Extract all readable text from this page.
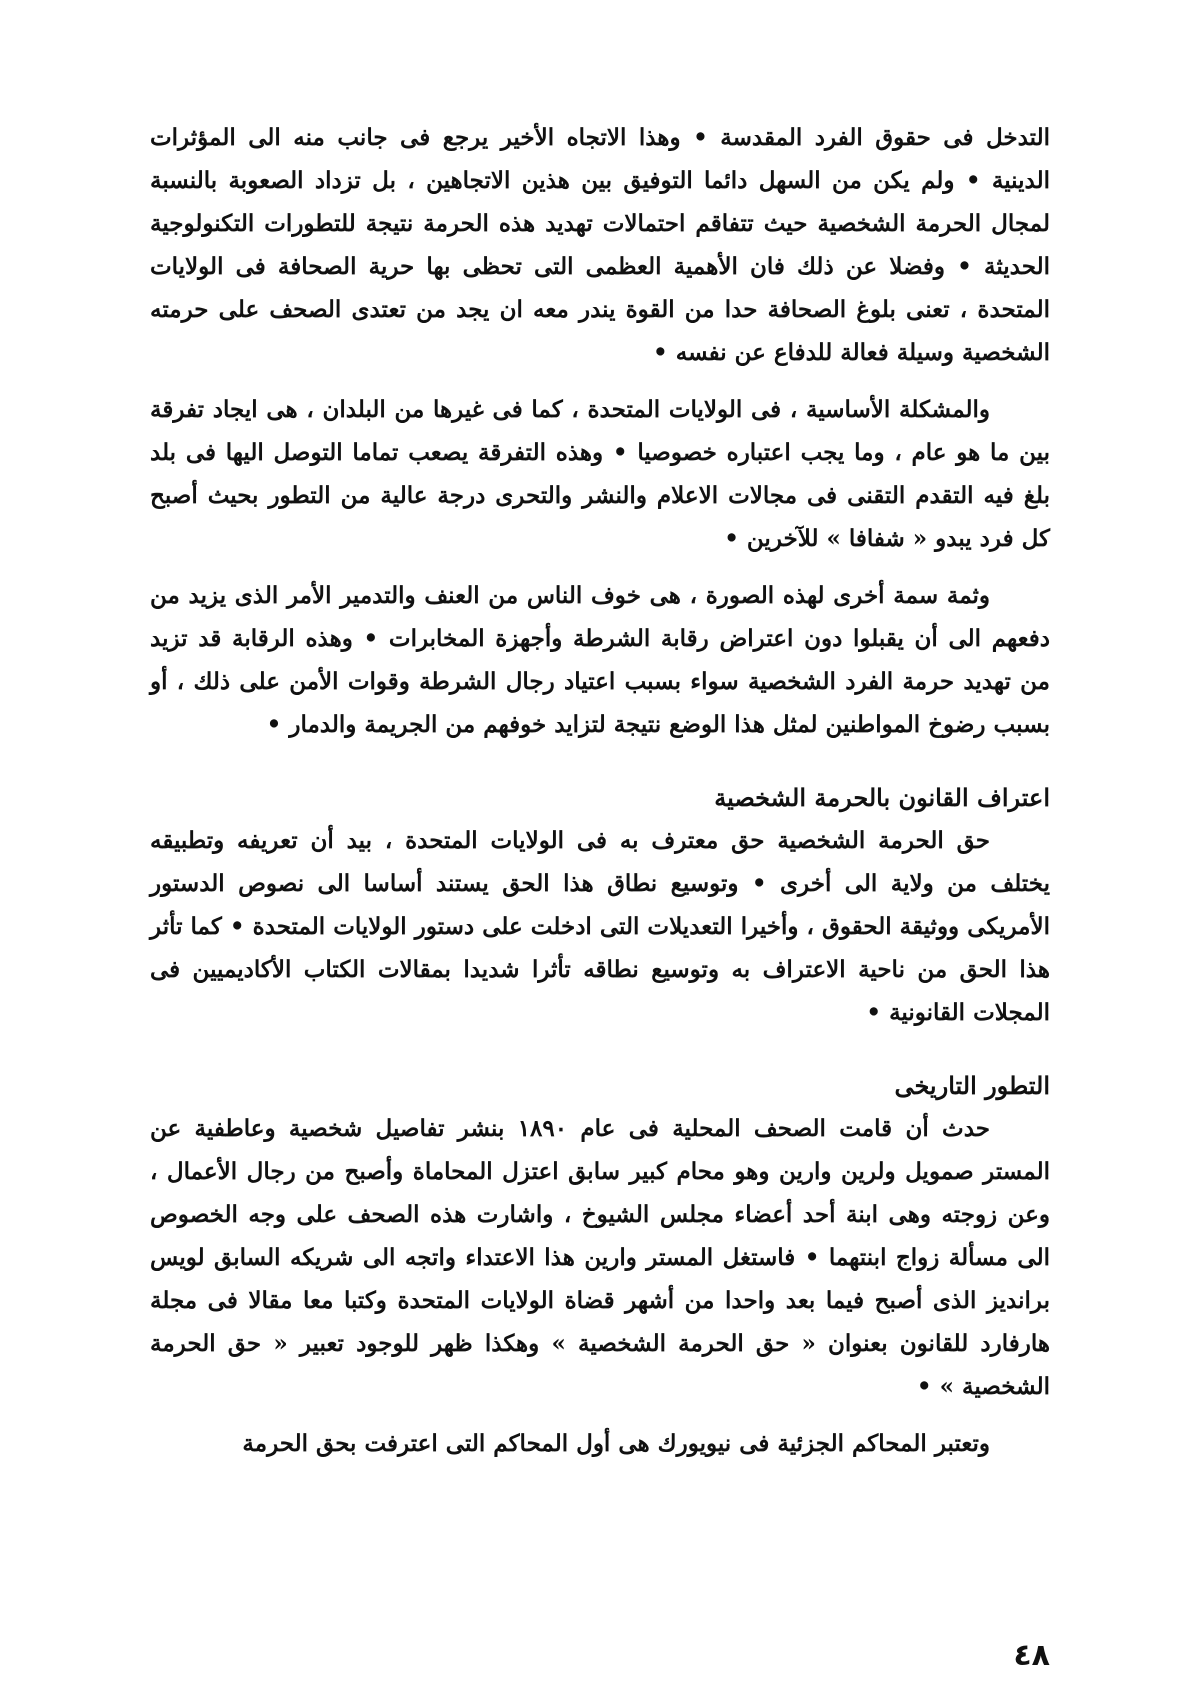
التدخل فى حقوق الفرد المقدسة • وهذا الاتجاه الأخير يرجع فى جانب منه الى المؤثرات الدينية • ولم يكن من السهل دائما التوفيق بين هذين الاتجاهين ، بل تزداد الصعوبة بالنسبة لمجال الحرمة الشخصية حيث تتفاقم احتمالات تهديد هذه الحرمة نتيجة للتطورات التكنولوجية الحديثة • وفضلا عن ذلك فان الأهمية العظمى التى تحظى بها حرية الصحافة فى الولايات المتحدة ، تعنى بلوغ الصحافة حدا من القوة يندر معه ان يجد من تعتدى الصحف على حرمته الشخصية وسيلة فعالة للدفاع عن نفسه •

والمشكلة الأساسية ، فى الولايات المتحدة ، كما فى غيرها من البلدان ، هى ايجاد تفرقة بين ما هو عام ، وما يجب اعتباره خصوصيا • وهذه التفرقة يصعب تماما التوصل اليها فى بلد بلغ فيه التقدم التقنى فى مجالات الاعلام والنشر والتحرى درجة عالية من التطور بحيث أصبح كل فرد يبدو « شفافا » للآخرين •

وثمة سمة أخرى لهذه الصورة ، هى خوف الناس من العنف والتدمير الأمر الذى يزيد من دفعهم الى أن يقبلوا دون اعتراض رقابة الشرطة وأجهزة المخابرات • وهذه الرقابة قد تزيد من تهديد حرمة الفرد الشخصية سواء بسبب اعتياد رجال الشرطة وقوات الأمن على ذلك ، أو بسبب رضوخ المواطنين لمثل هذا الوضع نتيجة لتزايد خوفهم من الجريمة والدمار •

اعتراف القانون بالحرمة الشخصية

حق الحرمة الشخصية حق معترف به فى الولايات المتحدة ، بيد أن تعريفه وتطبيقه يختلف من ولاية الى أخرى • وتوسيع نطاق هذا الحق يستند أساسا الى نصوص الدستور الأمريكى ووثيقة الحقوق ، وأخيرا التعديلات التى ادخلت على دستور الولايات المتحدة • كما تأثر هذا الحق من ناحية الاعتراف به وتوسيع نطاقه تأثرا شديدا بمقالات الكتاب الأكاديميين فى المجلات القانونية •

التطور التاريخى

حدث أن قامت الصحف المحلية فى عام ١٨٩٠ بنشر تفاصيل شخصية وعاطفية عن المستر صمويل ولرين وارين وهو محام كبير سابق اعتزل المحاماة وأصبح من رجال الأعمال ، وعن زوجته وهى ابنة أحد أعضاء مجلس الشيوخ ، واشارت هذه الصحف على وجه الخصوص الى مسألة زواج ابنتهما • فاستغل المستر وارين هذا الاعتداء واتجه الى شريكه السابق لويس برانديز الذى أصبح فيما بعد واحدا من أشهر قضاة الولايات المتحدة وكتبا معا مقالا فى مجلة هارفارد للقانون بعنوان « حق الحرمة الشخصية » وهكذا ظهر للوجود تعبير « حق الحرمة الشخصية » •

وتعتبر المحاكم الجزئية فى نيويورك هى أول المحاكم التى اعترفت بحق الحرمة

٤٨
